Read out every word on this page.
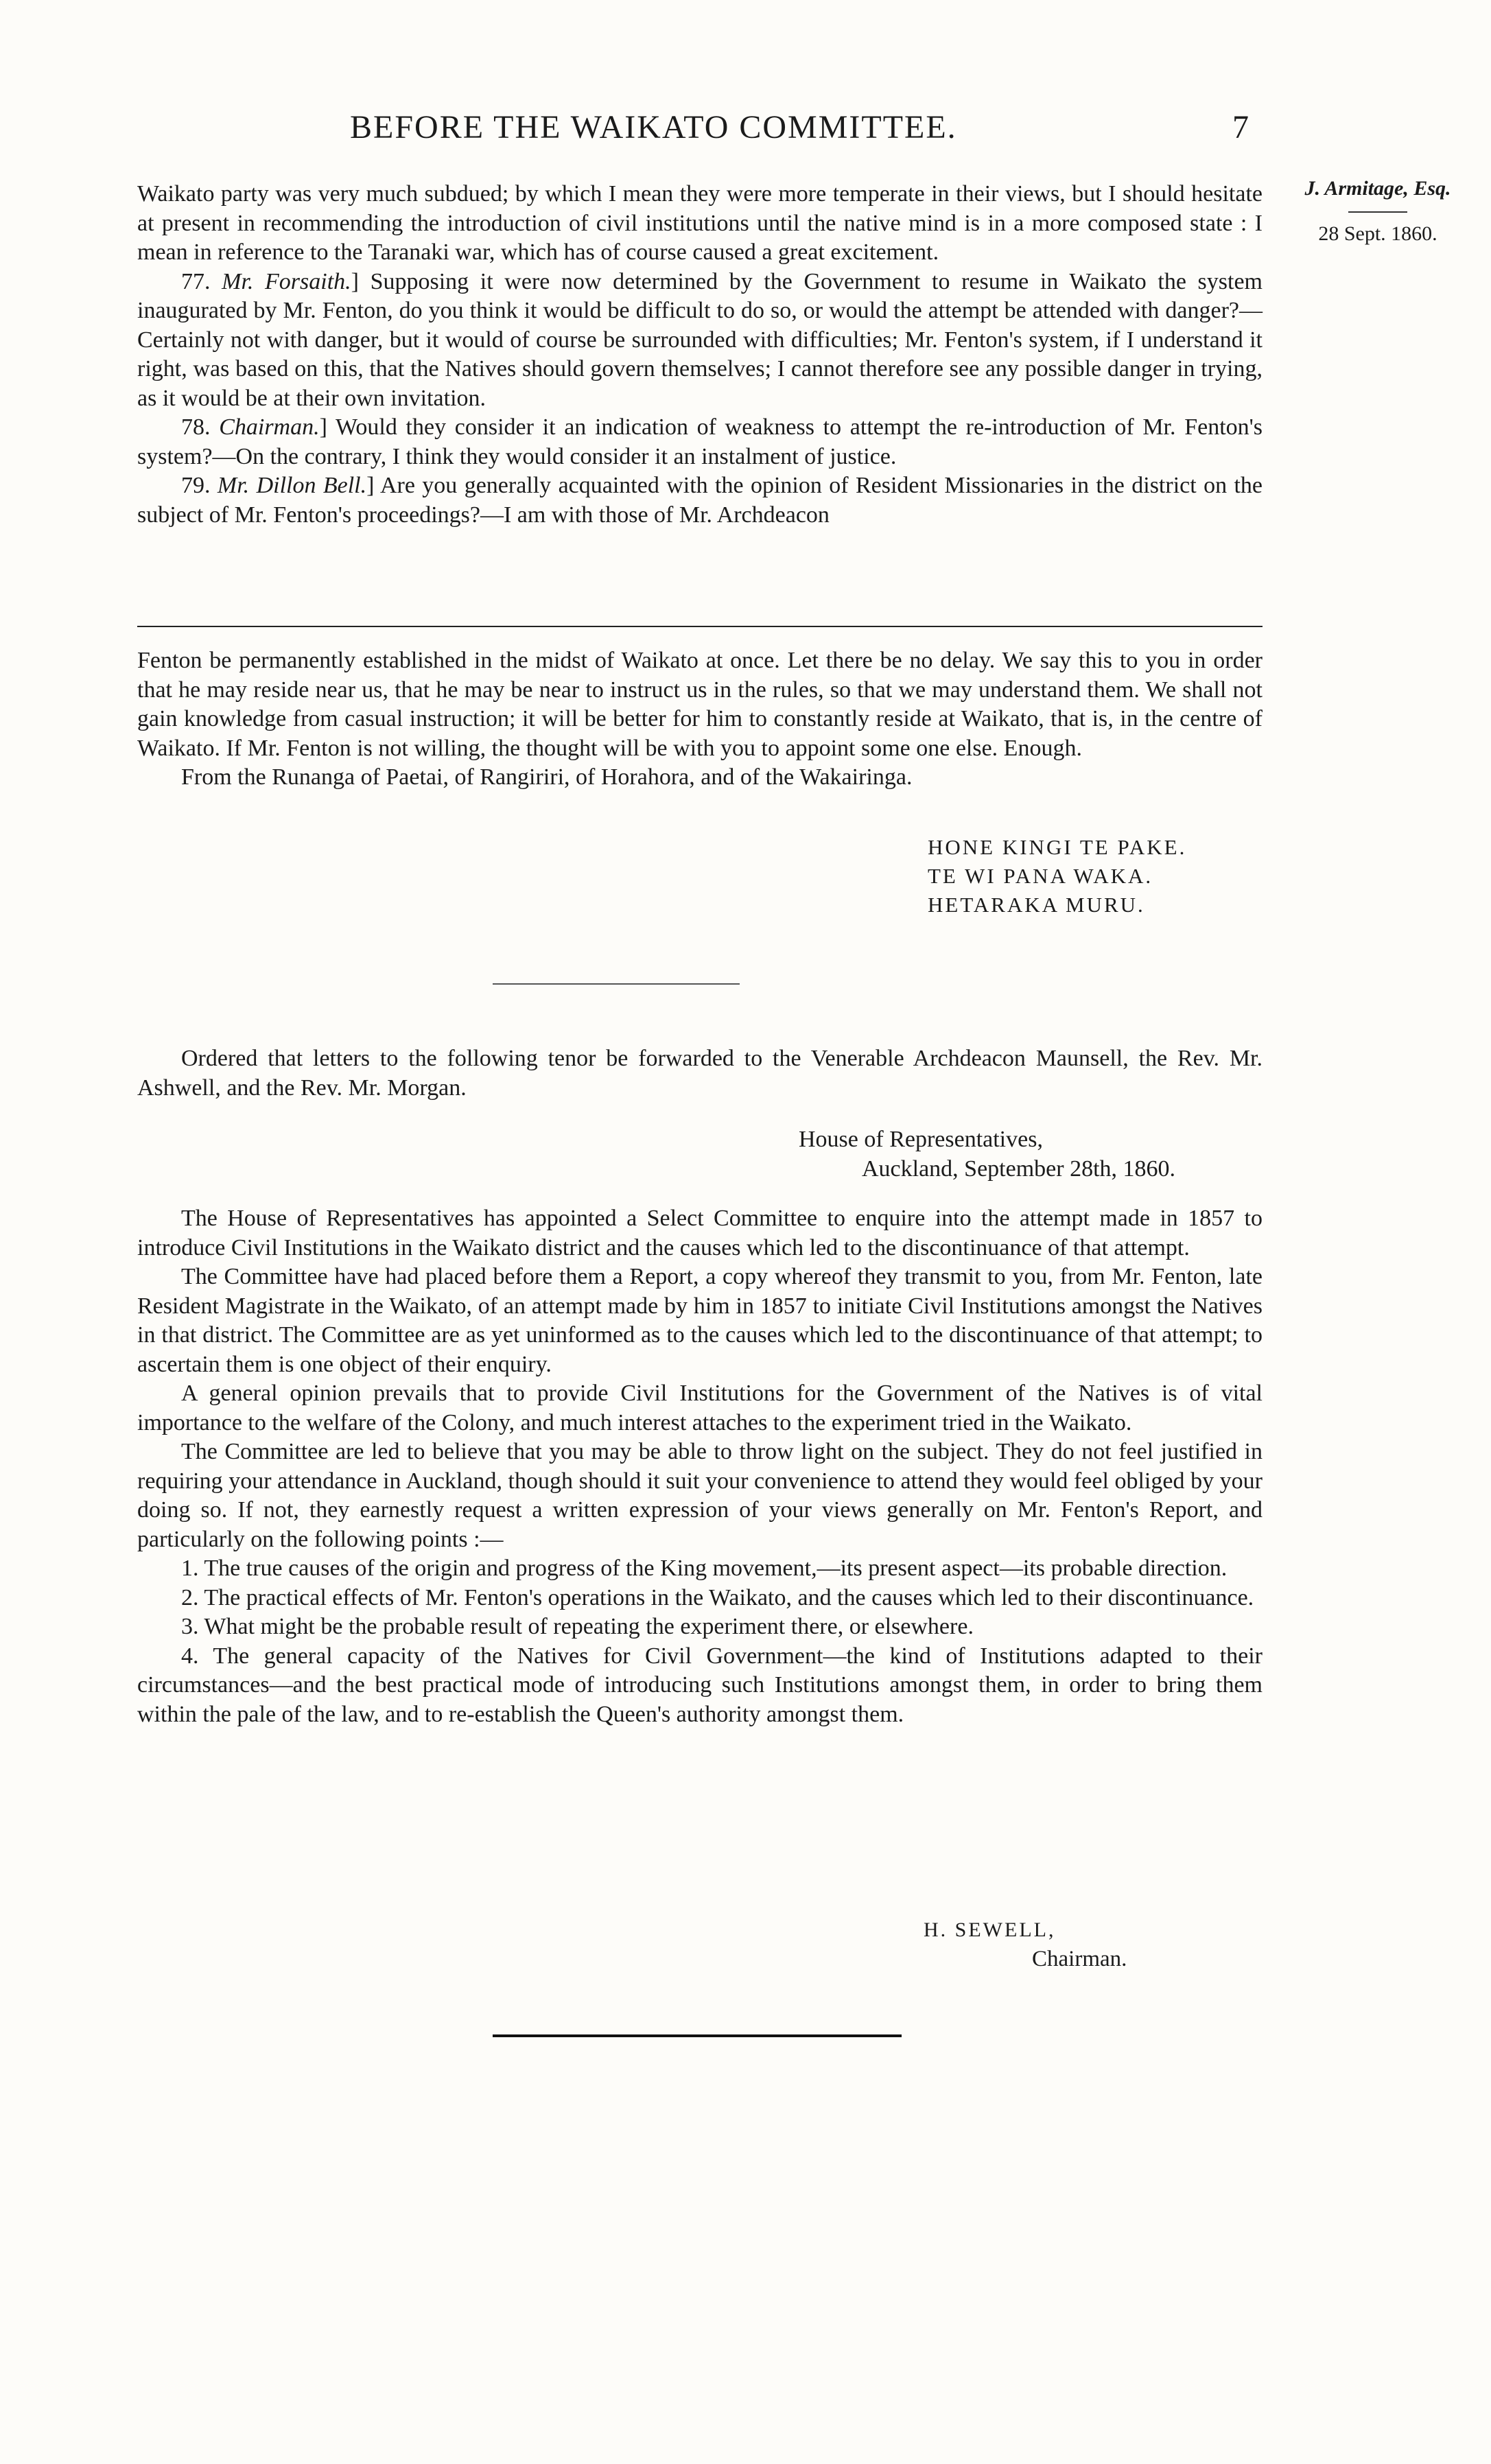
BEFORE THE WAIKATO COMMITTEE.	7
J. Armitage, Esq.
28 Sept. 1860.

Waikato party was very much subdued; by which I mean they were more temperate in their views, but I should hesitate at present in recommending the introduction of civil institutions until the native mind is in a more composed state : I mean in reference to the Taranaki war, which has of course caused a great excitement.

77. Mr. Forsaith.] Supposing it were now determined by the Government to resume in Waikato the system inaugurated by Mr. Fenton, do you think it would be difficult to do so, or would the attempt be attended with danger?—Certainly not with danger, but it would of course be surrounded with difficulties; Mr. Fenton's system, if I understand it right, was based on this, that the Natives should govern themselves; I cannot therefore see any possible danger in trying, as it would be at their own invitation.

78. Chairman.] Would they consider it an indication of weakness to attempt the re-introduction of Mr. Fenton's system?—On the contrary, I think they would consider it an instalment of justice.

79. Mr. Dillon Bell.] Are you generally acquainted with the opinion of Resident Missionaries in the district on the subject of Mr. Fenton's proceedings?—I am with those of Mr. Archdeacon

Fenton be permanently established in the midst of Waikato at once. Let there be no delay. We say this to you in order that he may reside near us, that he may be near to instruct us in the rules, so that we may understand them. We shall not gain knowledge from casual instruction; it will be better for him to constantly reside at Waikato, that is, in the centre of Waikato. If Mr. Fenton is not willing, the thought will be with you to appoint some one else. Enough.

From the Runanga of Paetai, of Rangiriri, of Horahora, and of the Wakairinga.

HONE KINGI TE PAKE.
TE WI PANA WAKA.
HETARAKA MURU.

Ordered that letters to the following tenor be forwarded to the Venerable Archdeacon Maunsell, the Rev. Mr. Ashwell, and the Rev. Mr. Morgan.

House of Representatives,
Auckland, September 28th, 1860.

The House of Representatives has appointed a Select Committee to enquire into the attempt made in 1857 to introduce Civil Institutions in the Waikato district and the causes which led to the discontinuance of that attempt.

The Committee have had placed before them a Report, a copy whereof they transmit to you, from Mr. Fenton, late Resident Magistrate in the Waikato, of an attempt made by him in 1857 to initiate Civil Institutions amongst the Natives in that district. The Committee are as yet uninformed as to the causes which led to the discontinuance of that attempt; to ascertain them is one object of their enquiry.

A general opinion prevails that to provide Civil Institutions for the Government of the Natives is of vital importance to the welfare of the Colony, and much interest attaches to the experiment tried in the Waikato.

The Committee are led to believe that you may be able to throw light on the subject. They do not feel justified in requiring your attendance in Auckland, though should it suit your convenience to attend they would feel obliged by your doing so. If not, they earnestly request a written expression of your views generally on Mr. Fenton's Report, and particularly on the following points :—

1. The true causes of the origin and progress of the King movement,—its present aspect—its probable direction.

2. The practical effects of Mr. Fenton's operations in the Waikato, and the causes which led to their discontinuance.

3. What might be the probable result of repeating the experiment there, or elsewhere.

4. The general capacity of the Natives for Civil Government—the kind of Institutions adapted to their circumstances—and the best practical mode of introducing such Institutions amongst them, in order to bring them within the pale of the law, and to re-establish the Queen's authority amongst them.

H. SEWELL,
Chairman.
